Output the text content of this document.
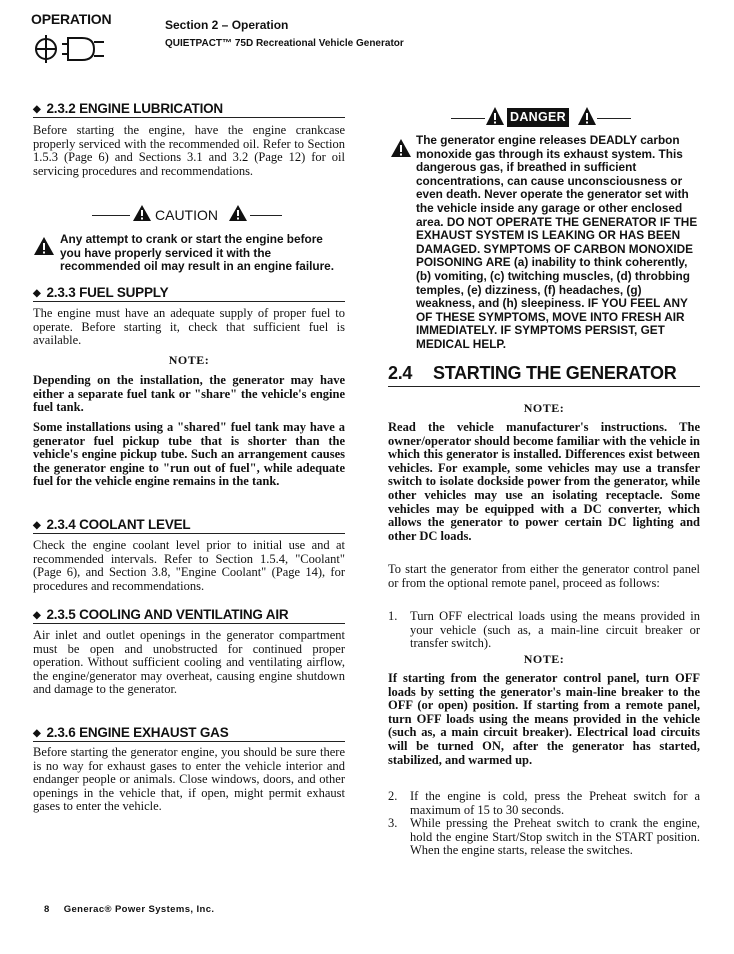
OPERATION	Section 2 – Operation
QUIETPACT™ 75D Recreational Vehicle Generator
◆ 2.3.2 ENGINE LUBRICATION
Before starting the engine, have the engine crankcase properly serviced with the recommended oil. Refer to Section 1.5.3 (Page 6) and Sections 3.1 and 3.2 (Page 12) for oil servicing procedures and recommendations.
CAUTION
Any attempt to crank or start the engine before you have properly serviced it with the recommended oil may result in an engine failure.
◆ 2.3.3 FUEL SUPPLY
The engine must have an adequate supply of proper fuel to operate. Before starting it, check that sufficient fuel is available.
NOTE:
Depending on the installation, the generator may have either a separate fuel tank or "share" the vehicle's engine fuel tank.
Some installations using a "shared" fuel tank may have a generator fuel pickup tube that is shorter than the vehicle's engine pickup tube. Such an arrangement causes the generator engine to "run out of fuel", while adequate fuel for the vehicle engine remains in the tank.
◆ 2.3.4 COOLANT LEVEL
Check the engine coolant level prior to initial use and at recommended intervals. Refer to Section 1.5.4, "Coolant" (Page 6), and Section 3.8, "Engine Coolant" (Page 14), for procedures and recommendations.
◆ 2.3.5 COOLING AND VENTILATING AIR
Air inlet and outlet openings in the generator compartment must be open and unobstructed for continued proper operation. Without sufficient cooling and ventilating airflow, the engine/generator may overheat, causing engine shutdown and damage to the generator.
◆ 2.3.6 ENGINE EXHAUST GAS
Before starting the generator engine, you should be sure there is no way for exhaust gases to enter the vehicle interior and endanger people or animals. Close windows, doors, and other openings in the vehicle that, if open, might permit exhaust gases to enter the vehicle.
DANGER
The generator engine releases DEADLY carbon monoxide gas through its exhaust system. This dangerous gas, if breathed in sufficient concentrations, can cause unconsciousness or even death. Never operate the generator set with the vehicle inside any garage or other enclosed area. DO NOT OPERATE THE GENERATOR IF THE EXHAUST SYSTEM IS LEAKING OR HAS BEEN DAMAGED. SYMPTOMS OF CARBON MONOXIDE POISONING ARE (a) inability to think coherently, (b) vomiting, (c) twitching muscles, (d) throbbing temples, (e) dizziness, (f) headaches, (g) weakness, and (h) sleepiness. IF YOU FEEL ANY OF THESE SYMPTOMS, MOVE INTO FRESH AIR IMMEDIATELY. IF SYMPTOMS PERSIST, GET MEDICAL HELP.
2.4 STARTING THE GENERATOR
NOTE:
Read the vehicle manufacturer's instructions. The owner/operator should become familiar with the vehicle in which this generator is installed. Differences exist between vehicles. For example, some vehicles may use a transfer switch to isolate dockside power from the generator, while other vehicles may use an isolating receptacle. Some vehicles may be equipped with a DC converter, which allows the generator to power certain DC lighting and other DC loads.
To start the generator from either the generator control panel or from the optional remote panel, proceed as follows:
1. Turn OFF electrical loads using the means provided in your vehicle (such as, a main-line circuit breaker or transfer switch).
NOTE:
If starting from the generator control panel, turn OFF loads by setting the generator's main-line breaker to the OFF (or open) position. If starting from a remote panel, turn OFF loads using the means provided in the vehicle (such as, a main circuit breaker). Electrical load circuits will be turned ON, after the generator has started, stabilized, and warmed up.
2. If the engine is cold, press the Preheat switch for a maximum of 15 to 30 seconds.
3. While pressing the Preheat switch to crank the engine, hold the engine Start/Stop switch in the START position. When the engine starts, release the switches.
8 Generac® Power Systems, Inc.
